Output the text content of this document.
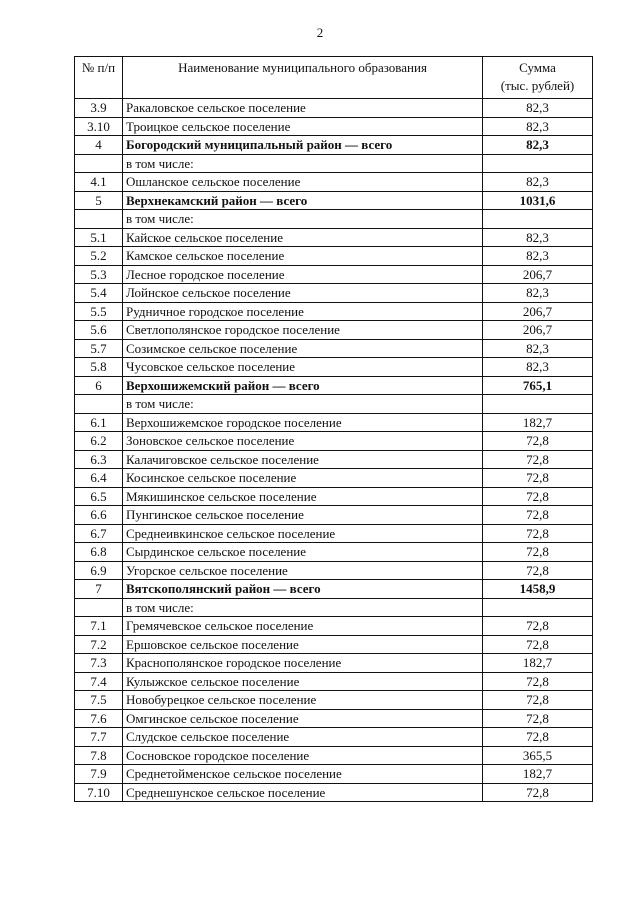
2
№ п/п	Наименование муниципального образования	Сумма
(тыс. рублей)

3.9	Ракаловское сельское поселение	82,3
3.10	Троицкое сельское поселение	82,3
4	Богородский муниципальный район — всего	82,3
	в том числе:	
4.1	Ошланское сельское поселение	82,3
5	Верхнекамский район — всего	1031,6
	в том числе:	
5.1	Кайское сельское поселение	82,3
5.2	Камское сельское поселение	82,3
5.3	Лесное городское поселение	206,7
5.4	Лойнское сельское поселение	82,3
5.5	Рудничное городское поселение	206,7
5.6	Светлополянское городское поселение	206,7
5.7	Созимское сельское поселение	82,3
5.8	Чусовское сельское поселение	82,3
6	Верхошижемский район — всего	765,1
	в том числе:	
6.1	Верхошижемское городское поселение	182,7
6.2	Зоновское сельское поселение	72,8
6.3	Калачиговское сельское поселение	72,8
6.4	Косинское сельское поселение	72,8
6.5	Мякишинское сельское поселение	72,8
6.6	Пунгинское сельское поселение	72,8
6.7	Среднеивкинское сельское поселение	72,8
6.8	Сырдинское сельское поселение	72,8
6.9	Угорское сельское поселение	72,8
7	Вятскополянский район — всего	1458,9
	в том числе:	
7.1	Гремячевское сельское поселение	72,8
7.2	Ершовское сельское поселение	72,8
7.3	Краснополянское городское поселение	182,7
7.4	Кулыжское сельское поселение	72,8
7.5	Новобурецкое сельское поселение	72,8
7.6	Омгинское сельское поселение	72,8
7.7	Слудское сельское поселение	72,8
7.8	Сосновское городское поселение	365,5
7.9	Среднетойменское сельское поселение	182,7
7.10	Среднешунское сельское поселение	72,8
